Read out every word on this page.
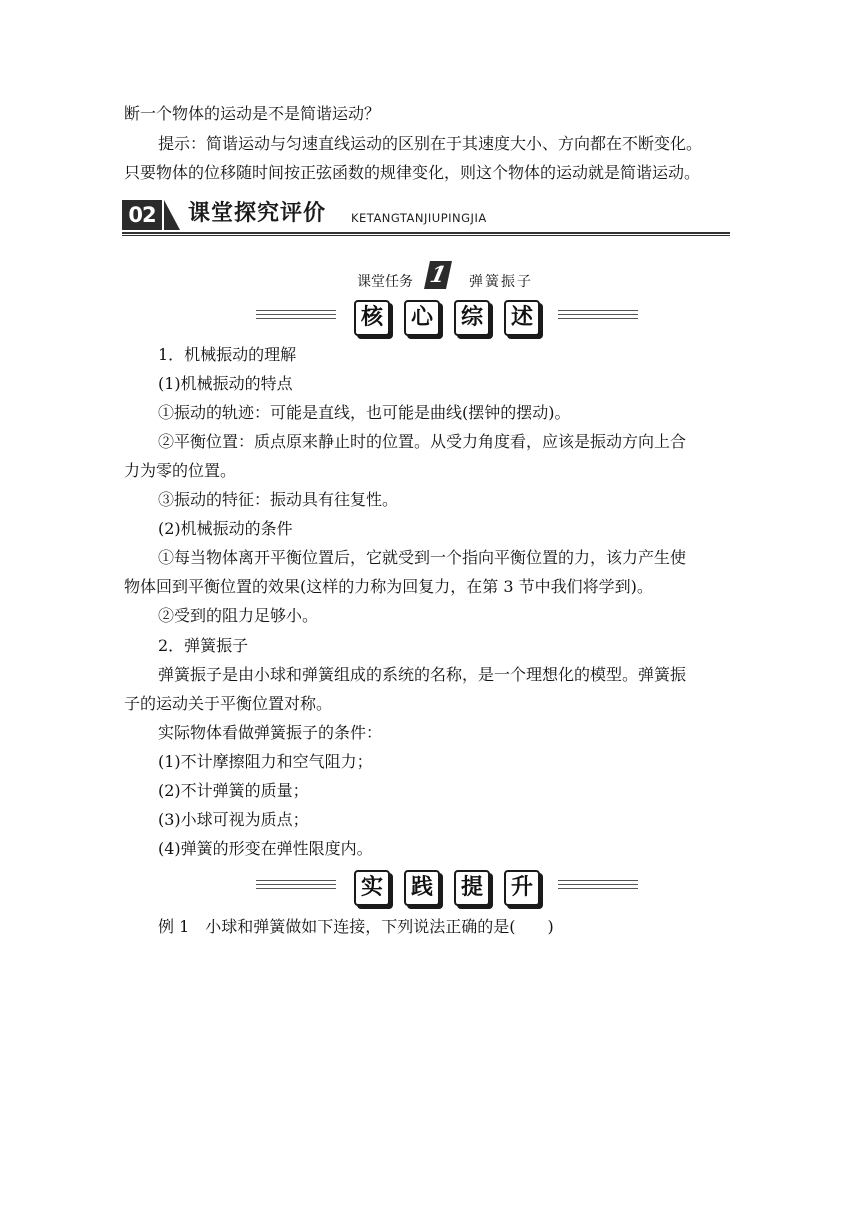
断一个物体的运动是不是简谐运动？
提示：简谐运动与匀速直线运动的区别在于其速度大小、方向都在不断变化。
只要物体的位移随时间按正弦函数的规律变化，则这个物体的运动就是简谐运动。
02 课堂探究评价 KETANGTANJIUPINGJIA
课堂任务 1 弹簧振子
核	心	综	述
1．机械振动的理解
(1)机械振动的特点
①振动的轨迹：可能是直线，也可能是曲线(摆钟的摆动)。
②平衡位置：质点原来静止时的位置。从受力角度看，应该是振动方向上合
力为零的位置。
③振动的特征：振动具有往复性。
(2)机械振动的条件
①每当物体离开平衡位置后，它就受到一个指向平衡位置的力，该力产生使
物体回到平衡位置的效果(这样的力称为回复力，在第 3 节中我们将学到)。
②受到的阻力足够小。
2．弹簧振子
弹簧振子是由小球和弹簧组成的系统的名称，是一个理想化的模型。弹簧振
子的运动关于平衡位置对称。
实际物体看做弹簧振子的条件：
(1)不计摩擦阻力和空气阻力；
(2)不计弹簧的质量；
(3)小球可视为质点；
(4)弹簧的形变在弹性限度内。
实	践	提	升
例 1　小球和弹簧做如下连接，下列说法正确的是(　　)
